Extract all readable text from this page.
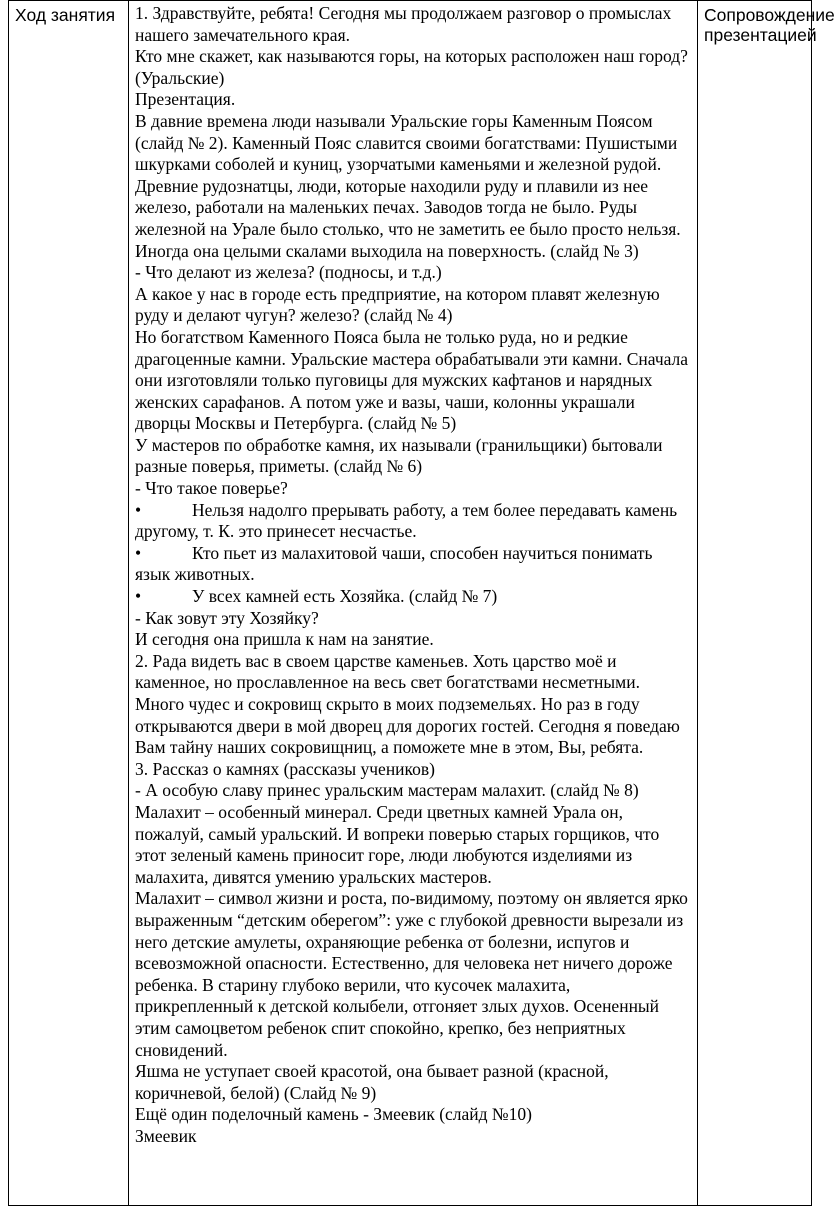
Ход занятия	1. Здравствуйте, ребята! Сегодня мы продолжаем разговор о промыслах нашего замечательного края.

Кто мне скажет, как называются горы, на которых расположен наш город? (Уральские)

Презентация.

В давние времена люди называли Уральские горы Каменным Поясом (слайд № 2). Каменный Пояс славится своими богатствами: Пушистыми шкурками соболей и куниц, узорчатыми каменьями и железной рудой.

Древние рудознатцы, люди, которые находили руду и плавили из нее железо, работали на маленьких печах. Заводов тогда не было. Руды железной на Урале было столько, что не заметить ее было просто нельзя. Иногда она целыми скалами выходила на поверхность. (слайд № 3)

- Что делают из железа? (подносы, и т.д.)

А какое у нас в городе есть предприятие, на котором плавят железную руду и делают чугун? железо? (слайд № 4)

Но богатством Каменного Пояса была не только руда, но и редкие драгоценные камни. Уральские мастера обрабатывали эти камни. Сначала они изготовляли только пуговицы для мужских кафтанов и нарядных женских сарафанов. А потом уже и вазы, чаши, колонны украшали дворцы Москвы и Петербурга. (слайд № 5)

У мастеров по обработке камня, их называли (гранильщики) бытовали разные поверья, приметы. (слайд № 6)

- Что такое поверье?

•	Нельзя надолго прерывать работу, а тем более передавать камень другому, т. К. это принесет несчастье.

•	Кто пьет из малахитовой чаши, способен научиться понимать язык животных.

•	У всех камней есть Хозяйка. (слайд № 7)

- Как зовут эту Хозяйку?

И сегодня она пришла к нам на занятие.

2. Рада видеть вас в своем царстве каменьев. Хоть царство моё и каменное, но прославленное на весь свет богатствами несметными. Много чудес и сокровищ скрыто в моих подземельях. Но раз в году открываются двери в мой дворец для дорогих гостей. Сегодня я поведаю Вам тайну наших сокровищниц, а поможете мне в этом, Вы, ребята.

3. Рассказ о камнях (рассказы учеников)

- А особую славу принес уральским мастерам малахит. (слайд № 8)

Малахит – особенный минерал. Среди цветных камней Урала он, пожалуй, самый уральский. И вопреки поверью старых горщиков, что этот зеленый камень приносит горе, люди любуются изделиями из малахита, дивятся умению уральских мастеров.

Малахит – символ жизни и роста, по-видимому, поэтому он является ярко выраженным “детским оберегом”: уже с глубокой древности вырезали из него детские амулеты, охраняющие ребенка от болезни, испугов и всевозможной опасности. Естественно, для человека нет ничего дороже ребенка. В старину глубоко верили, что кусочек малахита, прикрепленный к детской колыбели, отгоняет злых духов. Осененный этим самоцветом ребенок спит спокойно, крепко, без неприятных сновидений.

Яшма не уступает своей красотой, она бывает разной (красной, коричневой, белой) (Слайд № 9)

Ещё один поделочный камень - Змеевик (слайд №10)

Змеевик

	Сопровождение презентацией
